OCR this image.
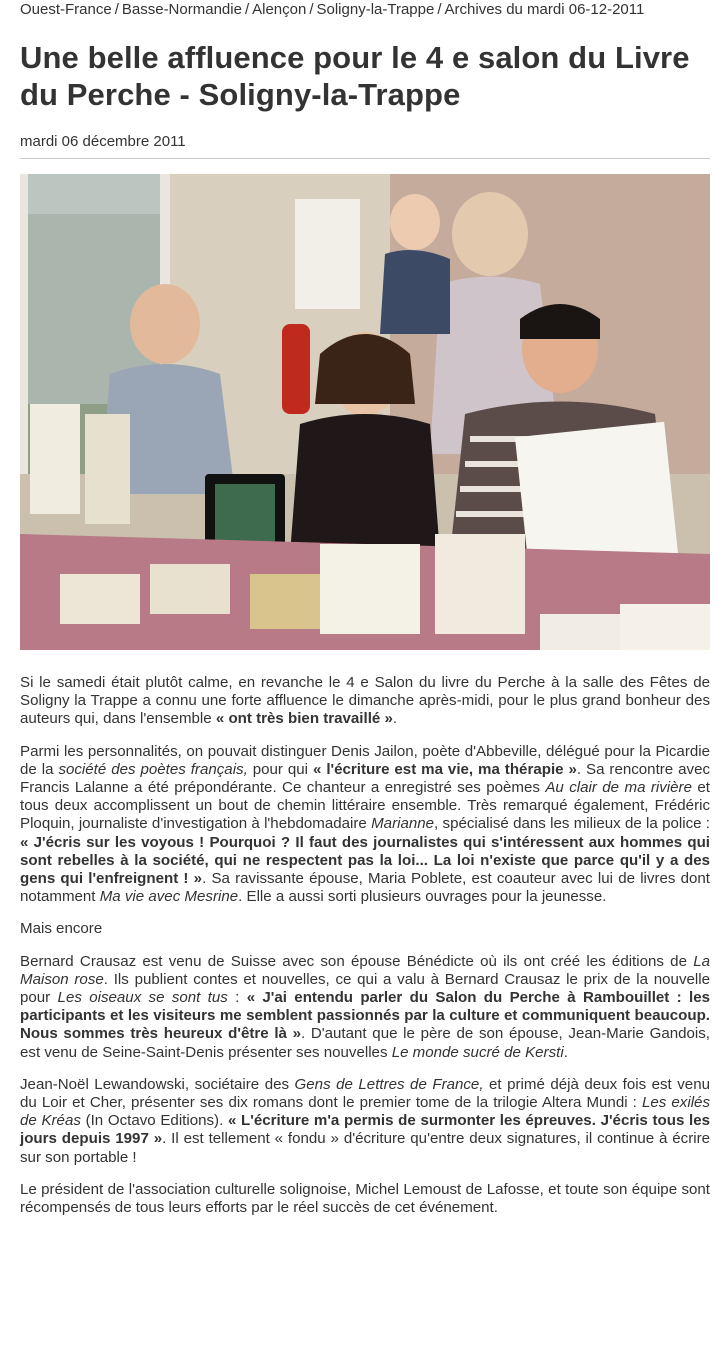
Ouest-France / Basse-Normandie / Alençon / Soligny-la-Trappe / Archives du mardi 06-12-2011
Une belle affluence pour le 4 e salon du Livre du Perche - Soligny-la-Trappe
mardi 06 décembre 2011

Si le samedi était plutôt calme, en revanche le 4 e Salon du livre du Perche à la salle des Fêtes de Soligny la Trappe a connu une forte affluence le dimanche après-midi, pour le plus grand bonheur des auteurs qui, dans l'ensemble « ont très bien travaillé ».

Parmi les personnalités, on pouvait distinguer Denis Jailon, poète d'Abbeville, délégué pour la Picardie de la société des poètes français, pour qui « l'écriture est ma vie, ma thérapie ». Sa rencontre avec Francis Lalanne a été prépondérante. Ce chanteur a enregistré ses poèmes Au clair de ma rivière et tous deux accomplissent un bout de chemin littéraire ensemble. Très remarqué également, Frédéric Ploquin, journaliste d'investigation à l'hebdomadaire Marianne, spécialisé dans les milieux de la police : « J'écris sur les voyous ! Pourquoi ? Il faut des journalistes qui s'intéressent aux hommes qui sont rebelles à la société, qui ne respectent pas la loi... La loi n'existe que parce qu'il y a des gens qui l'enfreignent ! ». Sa ravissante épouse, Maria Poblete, est coauteur avec lui de livres dont notamment Ma vie avec Mesrine. Elle a aussi sorti plusieurs ouvrages pour la jeunesse.

Mais encore

Bernard Crausaz est venu de Suisse avec son épouse Bénédicte où ils ont créé les éditions de La Maison rose. Ils publient contes et nouvelles, ce qui a valu à Bernard Crausaz le prix de la nouvelle pour Les oiseaux se sont tus : « J'ai entendu parler du Salon du Perche à Rambouillet : les participants et les visiteurs me semblent passionnés par la culture et communiquent beaucoup. Nous sommes très heureux d'être là ». D'autant que le père de son épouse, Jean-Marie Gandois, est venu de Seine-Saint-Denis présenter ses nouvelles Le monde sucré de Kersti.

Jean-Noël Lewandowski, sociétaire des Gens de Lettres de France, et primé déjà deux fois est venu du Loir et Cher, présenter ses dix romans dont le premier tome de la trilogie Altera Mundi : Les exilés de Kréas (In Octavo Editions). « L'écriture m'a permis de surmonter les épreuves. J'écris tous les jours depuis 1997 ». Il est tellement « fondu » d'écriture qu'entre deux signatures, il continue à écrire sur son portable !

Le président de l'association culturelle solignoise, Michel Lemoust de Lafosse, et toute son équipe sont récompensés de tous leurs efforts par le réel succès de cet événement.
